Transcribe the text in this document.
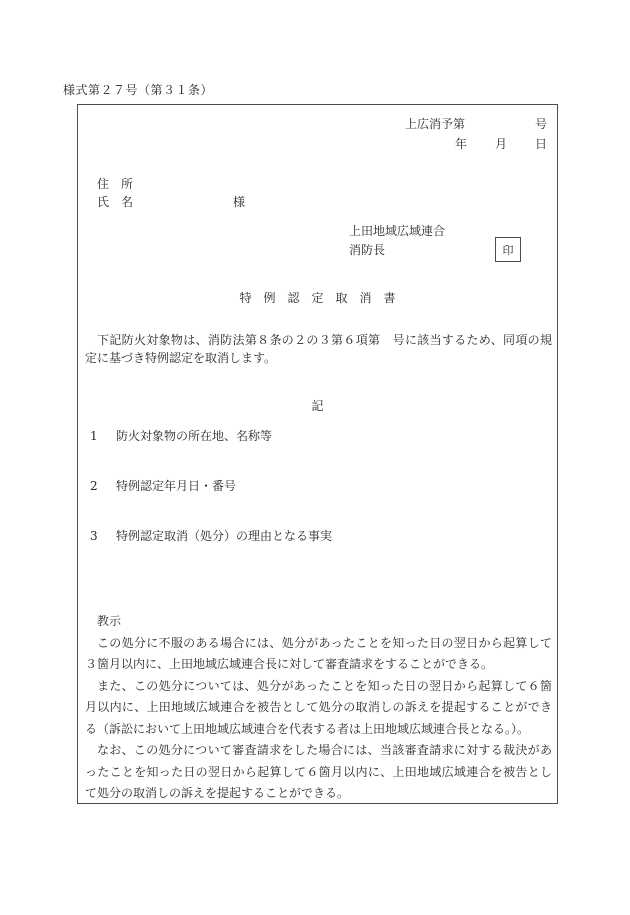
様式第２７号（第３１条）
上広消予第	号
年 月 日
住　所
氏　名	様
上田地域広域連合
消防長	印
特　例　認　定　取　消　書
下記防火対象物は、消防法第８条の２の３第６項第　号に該当するため、同項の規定に基づき特例認定を取消します。
記
1 防火対象物の所在地、名称等
2 特例認定年月日・番号
3 特例認定取消（処分）の理由となる事実
教示

この処分に不服のある場合には、処分があったことを知った日の翌日から起算して３箇月以内に、上田地域広域連合長に対して審査請求をすることができる。

また、この処分については、処分があったことを知った日の翌日から起算して６箇月以内に、上田地域広域連合を被告として処分の取消しの訴えを提起することができる（訴訟において上田地域広域連合を代表する者は上田地域広域連合長となる。）。

なお、この処分について審査請求をした場合には、当該審査請求に対する裁決があったことを知った日の翌日から起算して６箇月以内に、上田地域広域連合を被告として処分の取消しの訴えを提起することができる。
